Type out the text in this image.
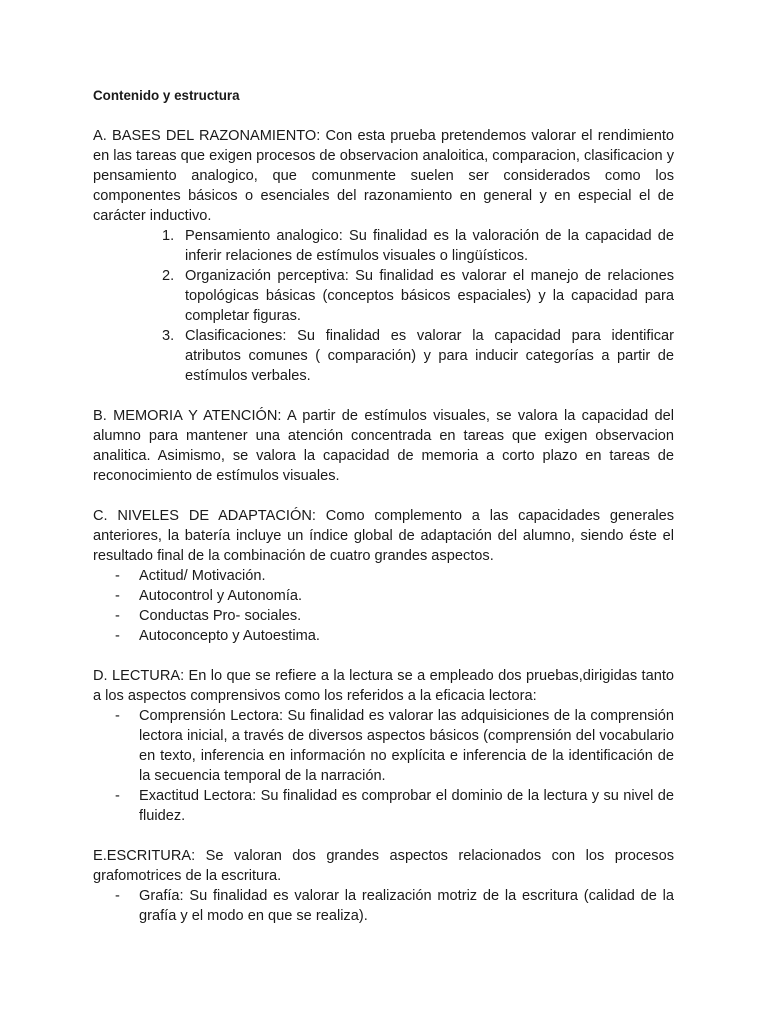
Contenido y estructura

A. BASES DEL RAZONAMIENTO: Con esta prueba pretendemos valorar el rendimiento en las tareas que exigen procesos de observacion analoitica, comparacion, clasificacion y pensamiento analogico, que comunmente suelen ser considerados como los componentes básicos o esenciales del razonamiento en general y en especial el de carácter inductivo.

1. Pensamiento analogico: Su finalidad es la valoración de la capacidad de inferir relaciones de estímulos visuales o lingüísticos.
2. Organización perceptiva: Su finalidad es valorar el manejo de relaciones topológicas básicas (conceptos básicos espaciales) y la capacidad para completar figuras.
3. Clasificaciones: Su finalidad es valorar la capacidad para identificar atributos comunes ( comparación) y para inducir categorías a partir de estímulos verbales.

B. MEMORIA Y ATENCIÓN: A partir de estímulos visuales, se valora la capacidad del alumno para mantener una atención concentrada en tareas que exigen observacion analitica. Asimismo, se valora la capacidad de memoria a corto plazo en tareas de reconocimiento de estímulos visuales.

C. NIVELES DE ADAPTACIÓN: Como complemento a las capacidades generales anteriores, la batería incluye un índice global de adaptación del alumno, siendo éste el resultado final de la combinación de cuatro grandes aspectos.

- Actitud/ Motivación.
- Autocontrol y Autonomía.
- Conductas Pro- sociales.
- Autoconcepto y Autoestima.

D. LECTURA: En lo que se refiere a la lectura se a empleado dos pruebas,dirigidas tanto a los aspectos comprensivos como los referidos a la eficacia lectora:

- Comprensión Lectora: Su finalidad es valorar las adquisiciones de la comprensión lectora inicial, a través de diversos aspectos básicos (comprensión del vocabulario en texto, inferencia en información no explícita e inferencia de la identificación de la secuencia temporal de la narración.
- Exactitud Lectora: Su finalidad es comprobar el dominio de la lectura y su nivel de fluidez.

E.ESCRITURA: Se valoran dos grandes aspectos relacionados con los procesos grafomotrices de la escritura.

- Grafía: Su finalidad es valorar la realización motriz de la escritura (calidad de la grafía y el modo en que se realiza).
